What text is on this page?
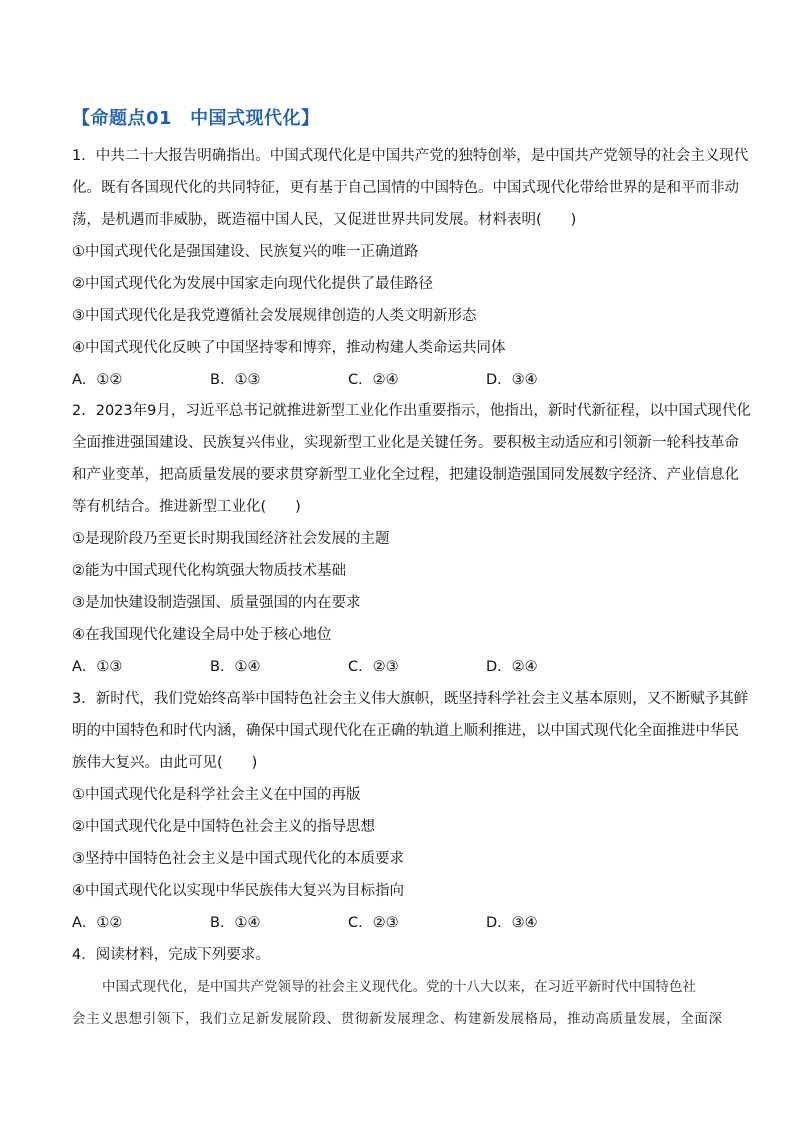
【命题点01 中国式现代化】
1．中共二十大报告明确指出。中国式现代化是中国共产党的独特创举，是中国共产党领导的社会主义现代
化。既有各国现代化的共同特征，更有基于自己国情的中国特色。中国式现代化带给世界的是和平而非动
荡，是机遇而非威胁，既造福中国人民，又促进世界共同发展。材料表明(　　)
①中国式现代化是强国建设、民族复兴的唯一正确道路
②中国式现代化为发展中国家走向现代化提供了最佳路径
③中国式现代化是我党遵循社会发展规律创造的人类文明新形态
④中国式现代化反映了中国坚持零和博弈，推动构建人类命运共同体
A．①②	B．①③	C．②④	D．③④
2．2023年9月，习近平总书记就推进新型工业化作出重要指示，他指出，新时代新征程，以中国式现代化
全面推进强国建设、民族复兴伟业，实现新型工业化是关键任务。要积极主动适应和引领新一轮科技革命
和产业变革，把高质量发展的要求贯穿新型工业化全过程，把建设制造强国同发展数字经济、产业信息化
等有机结合。推进新型工业化(　　)
①是现阶段乃至更长时期我国经济社会发展的主题
②能为中国式现代化构筑强大物质技术基础
③是加快建设制造强国、质量强国的内在要求
④在我国现代化建设全局中处于核心地位
A．①③	B．①④	C．②③	D．②④
3．新时代，我们党始终高举中国特色社会主义伟大旗帜，既坚持科学社会主义基本原则，又不断赋予其鲜
明的中国特色和时代内涵，确保中国式现代化在正确的轨道上顺利推进，以中国式现代化全面推进中华民
族伟大复兴。由此可见(　　)
①中国式现代化是科学社会主义在中国的再版
②中国式现代化是中国特色社会主义的指导思想
③坚持中国特色社会主义是中国式现代化的本质要求
④中国式现代化以实现中华民族伟大复兴为目标指向
A．①②	B．①④	C．②③	D．③④
4．阅读材料，完成下列要求。
中国式现代化，是中国共产党领导的社会主义现代化。党的十八大以来，在习近平新时代中国特色社
会主义思想引领下，我们立足新发展阶段、贯彻新发展理念、构建新发展格局，推动高质量发展，全面深
